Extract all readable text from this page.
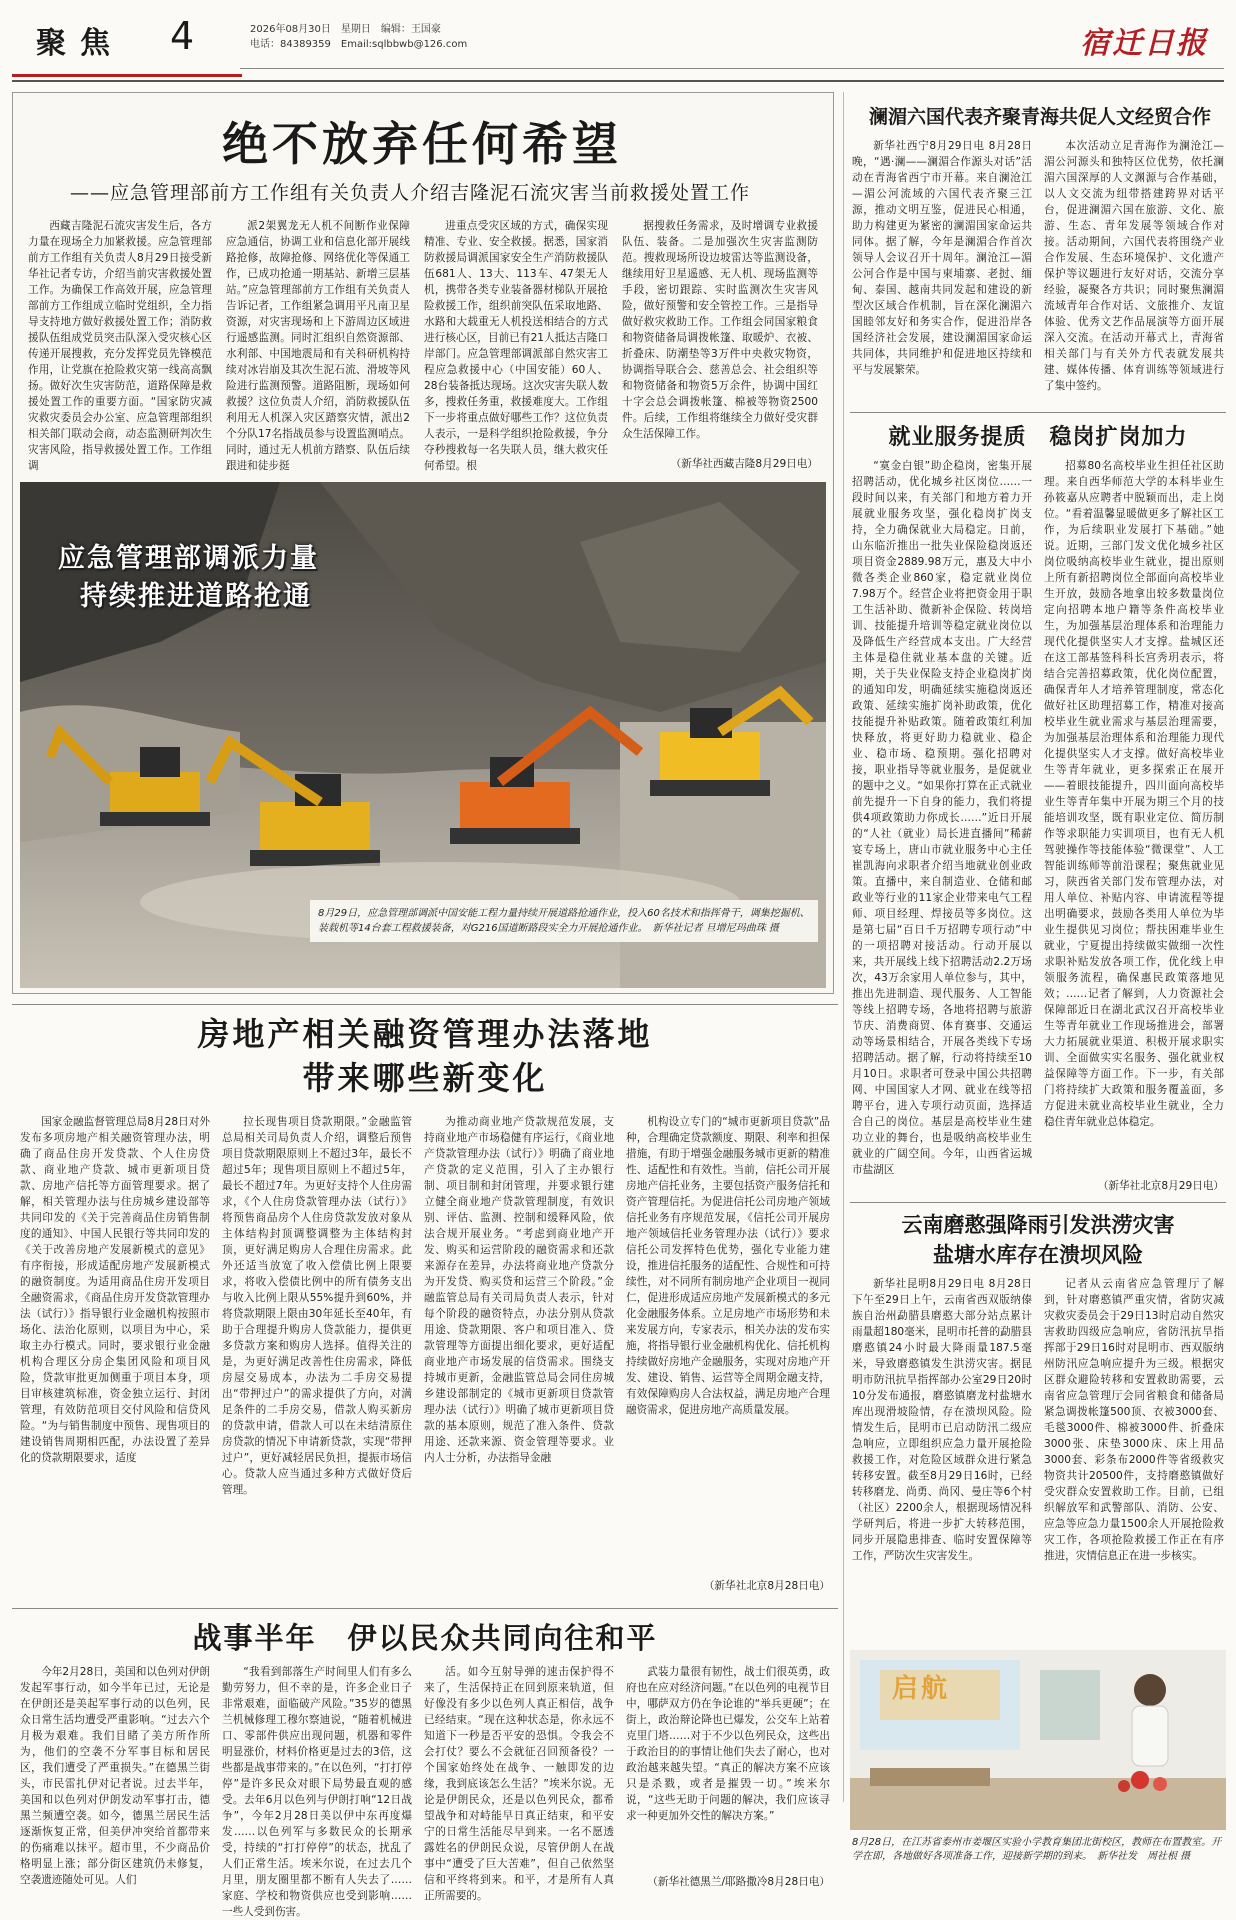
聚焦 4	2026年08月30日　星期日　编辑：王国豪
电话：84389359　Email:sqlbbwb@126.com	宿迁日报
绝不放弃任何希望
——应急管理部前方工作组有关负责人介绍吉隆泥石流灾害当前救援处置工作

西藏吉隆泥石流灾害发生后，各方力量在现场全力加紧救援。应急管理部前方工作组有关负责人8月29日接受新华社记者专访，介绍当前灾害救援处置工作。为确保工作高效开展，应急管理部前方工作组成立临时党组织，全力指导支持地方做好救援处置工作；消防救援队伍组成党员突击队深入受灾核心区传递开展搜救，充分发挥党员先锋模范作用，让党旗在抢险救灾第一线高高飘扬。做好次生灾害防范，道路保障是救援处置工作的重要方面。“国家防灾减灾救灾委员会办公室、应急管理部组织相关部门联动会商，动态监测研判次生灾害风险，指导救援处置工作。工作组调

派2架翼龙无人机不间断作业保障应急通信，协调工业和信息化部开展线路抢修，故障抢修、网络优化等保通工作，已成功抢通一期基站、新增三层基站。”应急管理部前方工作组有关负责人告诉记者，工作组紧急调用平凡南卫星资源，对灾害现场和上下游周边区域进行遥感监测。同时汇组织自然资源部、水利部、中国地震局和有关科研机构持续对冰岩崩及其次生泥石流、滑坡等风险进行监测预警。道路阻断，现场如何救援？这位负责人介绍，消防救援队伍利用无人机深入灾区踏察灾情，派出2个分队17名指战员参与设置监测哨点。同时，通过无人机前方踏察、队伍后续跟进和徒步挺

进重点受灾区域的方式，确保实现精准、专业、安全救援。据悉，国家消防救援局调派国家安全生产消防救援队伍681人、13大、113车、47架无人机，携带各类专业装备器材梯队开展抢险救援工作，组织前突队伍采取地路、水路和大载重无人机投送相结合的方式进行核心区，目前已有21人抵达吉隆口岸部门。应急管理部调派部自然灾害工程应急救援中心（中国安能）60人、28台装备抵达现场。这次灾害失联人数多，搜救任务重，救援难度大。工作组下一步将重点做好哪些工作？这位负责人表示，一是科学组织抢险救援，争分夺秒搜救每一名失联人员，继大救灾任何希望。根

据搜救任务需求，及时增调专业救援队伍、装备。二是加强次生灾害监测防范。搜救现场所设边坡雷达等监测设备，继续用好卫星遥感、无人机、现场监测等手段，密切跟踪、实时监测次生灾害风险，做好预警和安全管控工作。三是指导做好救灾救助工作。工作组会同国家粮食和物资储备局调拨帐篷、取暖炉、衣被、折叠床、防潮垫等3万件中央救灾物资，协调指导联合会、慈善总会、社会组织等和物资储备和物资5万余件，协调中国红十字会总会调拨帐篷、棉被等物资2500件。后续，工作组将继续全力做好受灾群众生活保障工作。

（新华社西藏吉隆8月29日电）
应急管理部调派力量
持续推进道路抢通
8月29日，应急管理部调派中国安能工程力量持续开展道路抢通作业，投入60名技术和指挥骨干，调集挖掘机、装载机等14台套工程救援装备，对G216国道断路段实全力开展抢通作业。　新华社记者 旦增尼玛曲珠 摄
澜湄六国代表齐聚青海共促人文经贸合作

新华社西宁8月29日电 8月28日晚，“遇·澜——澜湄合作源头对话”活动在青海省西宁市开幕。来自澜沧江—湄公河流域的六国代表齐聚三江源，推动文明互鉴，促进民心相通，助力构建更为紧密的澜湄国家命运共同体。据了解，今年是澜湄合作首次领导人会议召开十周年。澜沧江—湄公河合作是中国与柬埔寨、老挝、缅甸、泰国、越南共同发起和建设的新型次区域合作机制，旨在深化澜湄六国睦邻友好和务实合作，促进沿岸各国经济社会发展，建设澜湄国家命运共同体，共同维护和促进地区持续和平与发展繁荣。

本次活动立足青海作为澜沧江—湄公河源头和独特区位优势，依托澜湄六国深厚的人文渊源与合作基础，以人文交流为纽带搭建跨界对话平台，促进澜湄六国在旅游、文化、旅游、生态、青年发展等领域合作对接。活动期间，六国代表将围绕产业合作发展、生态环境保护、文化遗产保护等议题进行友好对话，交流分享经验，凝聚各方共识；同时聚焦澜湄流域青年合作对话、文旅推介、友谊体验、优秀文艺作品展演等方面开展深入交流。在活动开幕式上，青海省相关部门与有关外方代表就发展共建、媒体传播、体育训练等领域进行了集中签约。

就业服务提质　稳岗扩岗加力

“寞金白银”助企稳岗，密集开展招聘活动，优化城乡社区岗位……一段时间以来，有关部门和地方着力开展就业服务攻坚，强化稳岗扩岗支持，全力确保就业大局稳定。日前，山东临沂推出一批失业保险稳岗返还项目资金2889.98万元，惠及大中小微各类企业860家，稳定就业岗位7.98万个。经营企业将把资金用于职工生活补助、微新补企保险、转岗培训、技能提升培训等稳定就业岗位以及降低生产经营成本支出。广大经营主体是稳住就业基本盘的关键。近期，关于失业保险支持企业稳岗扩岗的通知印发，明确延续实施稳岗返还政策、延续实施扩岗补助政策，优化技能提升补贴政策。随着政策红利加快释放，将更好助力稳就业、稳企业、稳市场、稳预期。强化招聘对接，职业指导等就业服务，是促就业的题中之义。“如果你打算在正式就业前先提升一下自身的能力，我们将提供4项政策助力你成长……”近日开展的“人社（就业）局长进直播间”稀薪宴专场上，唐山市就业服务中心主任崔凯海向求职者介绍当地就业创业政策。直播中，来自制造业、仓储和邮政业等行业的11家企业带来电气工程师、项目经理、焊接员等多岗位。这是第七届“百日千万招聘专项行动”中的一项招聘对接活动。行动开展以来，共开展线上线下招聘活动2.2万场次，43万余家用人单位参与，其中，推出先进制造、现代服务、人工智能等线上招聘专场，各地将招聘与旅游节庆、消费商贸、体育赛事、交通运动等场景相结合，开展各类线下专场招聘活动。据了解，行动将持续至10月10日。求职者可登录中国公共招聘网、中国国家人才网、就业在线等招聘平台，进入专项行动页面，选择适合自己的岗位。基层是高校毕业生建功立业的舞台，也是吸纳高校毕业生就业的广阔空间。今年，山西省运城市盐湖区

招募80名高校毕业生担任社区助理。来自西华师范大学的本科毕业生孙筱嘉从应聘者中脱颖而出，走上岗位。“看着温馨显暖做更多了解社区工作，为后续职业发展打下基础。”她说。近期，三部门发文优化城乡社区岗位吸纳高校毕业生就业，提出原则上所有新招聘岗位全部面向高校毕业生开放，鼓励各地拿出较多数量岗位定向招聘本地户籍等条件高校毕业生，为加强基层治理体系和治理能力现代化提供坚实人才支撑。盐城区还在这工部基签科科长宫秀玥表示，将结合完善招募政策，优化岗位配置，确保青年人才培养管理制度，常态化做好社区助理招募工作，精准对接高校毕业生就业需求与基层治理需要，为加强基层治理体系和治理能力现代化提供坚实人才支撑。做好高校毕业生等青年就业，更多探索正在展开——着眼技能提升，四川面向高校毕业生等青年集中开展为期三个月的技能培训攻坚，既有职业定位、简历制作等求职能力实训项目，也有无人机驾驶操作等技能体验“微课堂”、人工智能训练师等前沿课程；聚焦就业见习，陕西省关部门发布管理办法，对用人单位、补贴内容、申请流程等提出明确要求，鼓励各类用人单位为毕业生提供见习岗位；帮扶困难毕业生就业，宁夏提出持续做实做细一次性求职补贴发放各项工作，优化线上申领服务流程，确保惠民政策落地见效；……记者了解到，人力资源社会保障部近日在湖北武汉召开高校毕业生等青年就业工作现场推进会，部署大力拓展就业渠道、积极开展求职实训、全面做实实名服务、强化就业权益保障等方面工作。下一步，有关部门将持续扩大政策和服务覆盖面，多方促进未就业高校毕业生就业，全力稳住青年就业总体稳定。

（新华社北京8月29日电）
云南磨憨强降雨引发洪涝灾害
盐塘水库存在溃坝风险

新华社昆明8月29日电 8月28日下午至29日上午，云南省西双版纳傣族自治州勐腊县磨憨大部分站点累计雨量超180毫米，昆明市托普的勐腊县磨憨镇24小时最大降雨量187.5毫米，导致磨憨镇发生洪涝灾害。据昆明市防汛抗旱指挥部办公室29日20时10分发布通报，磨憨镇磨龙村盐塘水库出现滑坡险情，存在溃坝风险。险情发生后，昆明市已启动防汛二级应急响应，立即组织应急力量开展抢险救援工作，对危险区域群众进行紧急转移安置。截至8月29日16时，已经转移磨龙、尚勇、尚冈、曼庄等6个村（社区）2200余人，根据现场情况科学研判后，将进一步扩大转移范围，同步开展隐患排查、临时安置保障等工作，严防次生灾害发生。

记者从云南省应急管理厅了解到，针对磨憨镇严重灾情，省防灾减灾救灾委员会于29日13时启动自然灾害救助四级应急响应，省防汛抗旱指挥部于29日16时对昆明市、西双版纳州防汛应急响应提升为三级。根据灾区群众避险转移和安置救助需要，云南省应急管理厅会同省粮食和储备局紧急调拨帐篷500顶、衣被3000套、毛毯3000件、棉被3000件、折叠床3000张、床垫3000床、床上用品3000套、彩条布2000件等省级救灾物资共计20500件，支持磨憨镇做好受灾群众安置救助工作。目前，已组织解放军和武警部队、消防、公安、应急等应急力量1500余人开展抢险救灾工作，各项抢险救援工作正在有序推进，灾情信息正在进一步核实。

启航
8月28日，在江苏省泰州市姜堰区实验小学教育集团北街校区，教师在布置教室。开学在即，各地做好各项准备工作，迎接新学期的到来。　新华社发　周社根 摄
房地产相关融资管理办法落地
带来哪些新变化

国家金融监督管理总局8月28日对外发布多项房地产相关融资管理办法，明确了商品住房开发贷款、个人住房贷款、商业地产贷款、城市更新项目贷款、房地产信托等方面管理要求。据了解，相关管理办法与住房城乡建设部等共同印发的《关于完善商品住房销售制度的通知》、中国人民银行等共同印发的《关于改善房地产发展新模式的意见》有序衔接，形成适配房地产发展新模式的融资制度。为适用商品住房开发项目全融资需求，《商品住房开发贷款管理办法（试行）》指导银行业金融机构按照市场化、法治化原则，以项目为中心，采取主办行模式。同时，要求银行业金融机构合理区分房企集团风险和项目风险，贷款审批更加侧重于项目本身，项目审核建筑标准，资金独立运行、封闭管理，有效防范项目交付风险和信贷风险。“为与销售制度中预售、现售项目的建设销售周期相匹配，办法设置了差异化的贷款期限要求，适度

拉长现售项目贷款期限。”金融监管总局相关司局负责人介绍，调整后预售项目贷款期限原则上不超过3年，最长不超过5年；现售项目原则上不超过5年，最长不超过7年。为更好支持个人住房需求，《个人住房贷款管理办法（试行）》将预售商品房个人住房贷款发放对象从主体结构封顶调整调整为主体结构封顶，更好满足购房人合理住房需求。此外还适当放宽了收入偿债比例上限要求，将收入偿债比例中的所有债务支出与收入比例上限从55%提升到60%，并将贷款期限上限由30年延长至40年，有助于合理提升购房人贷款能力，提供更多贷款方案和购房人选择。值得关注的是，为更好满足改善性住房需求，降低房屋交易成本，办法为二手房交易提出“带押过户”的需求提供了方向，对满足条件的二手房交易，借款人购买新房的贷款申请，借款人可以在未结清原住房贷款的情况下申请新贷款，实现“带押过户”，更好减轻居民负担，提振市场信心。贷款人应当通过多种方式做好贷后管理。

为推动商业地产贷款规范发展，支持商业地产市场稳健有序运行，《商业地产贷款管理办法（试行）》明确了商业地产贷款的定义范围，引入了主办银行制、项目制和封闭管理，并要求银行建立健全商业地产贷款管理制度，有效识别、评估、监测、控制和缓释风险，依法合规开展业务。“考虑到商业地产开发、购买和运营阶段的融资需求和还款来源存在差异，办法将商业地产贷款分为开发贷、购买贷和运营三个阶段。”金融监管总局有关司局负责人表示，针对每个阶段的融资特点，办法分别从贷款用途、贷款期限、客户和项目准入、贷款管理等方面提出细化要求，更好适配商业地产市场发展的信贷需求。围绕支持城市更新，金融监管总局会同住房城乡建设部制定的《城市更新项目贷款管理办法（试行）》明确了城市更新项目贷款的基本原则，规范了准入条件、贷款用途、还款来源、资金管理等要求。业内人士分析，办法指导金融

机构设立专门的“城市更新项目贷款”品种，合理确定贷款额度、期限、利率和担保措施，有助于增强金融服务城市更新的精准性、适配性和有效性。当前，信托公司开展房地产信托业务，主要包括资产服务信托和资产管理信托。为促进信托公司房地产领域信托业务有序规范发展，《信托公司开展房地产领域信托业务管理办法（试行）》要求信托公司发挥特色优势，强化专业能力建设，推进信托服务的适配性、合规性和可持续性，对不同所有制房地产企业项目一视同仁，促进形成适应房地产发展新模式的多元化金融服务体系。立足房地产市场形势和未来发展方向，专家表示，相关办法的发布实施，将指导银行业金融机构优化、信托机构持续做好房地产金融服务，实现对房地产开发、建设、销售、运营等全周期金融支持，有效保障购房人合法权益，满足房地产合理融资需求，促进房地产高质量发展。

（新华社北京8月28日电）
战事半年　伊以民众共同向往和平

今年2月28日，美国和以色列对伊朗发起军事行动，如今半年已过，无论是在伊朗还是美起军事行动的以色列，民众日常生活均遭受严重影响。“过去六个月极为艰难。我们目睹了美方所作所为，他们的空袭不分军事目标和居民区，我们遭受了严重损失。”在德黑兰街头，市民雷扎伊对记者说。过去半年，美国和以色列对伊朗发动军事打击，德黑兰频遭空袭。如今，德黑兰居民生活逐渐恢复正常，但美伊冲突给首都带来的伤痛难以抹平。超市里，不少商品价格明显上涨；部分街区建筑仍未修复，空袭遗迹随处可见。人们

“我看到部落生产时间里人们有多么勤劳努力，但不幸的是，许多企业日子非常艰难，面临破产风险。”35岁的德黑兰机械修理工穆尔察迪说，“随着机械进口、零部件供应出现问题，机器和零件明显涨价，材料价格更是过去的3倍，这些都是战事带来的。”在以色列，“打打停停”是许多民众对眼下局势最直观的感受。去年6月以色列与伊朗打响“12日战争”，今年2月28日美以伊中东再度爆发……以色列军与多数民众的长期承受，持续的“打打停停”的状态，扰乱了人们正常生活。埃米尔说，在过去几个月里，朋友圈里都不断有人失去了……家庭、学校和物资供应也受到影响……一些人受到伤害。

活。如今互射导弹的速击保护得不来了，生活保持正在回到原来轨道，但好像没有多少以色列人真正相信，战争已经结束。“现在这种状态是，你永远不知道下一秒是否平安的恐惧。令我会不会打仗？要么不会就征召回预备役？一个国家始终处在战争、一触即发的边缘，我到底该怎么生活？”埃米尔说。无论是伊朗民众，还是以色列民众，都希望战争和对峙能早日真正结束，和平安宁的日常生活能尽早到来。一名不愿透露姓名的伊朗民众说，尽管伊朗人在战事中“遭受了巨大苦难”，但自己依然坚信和平终将到来。和平，才是所有人真正所需要的。

武装力量很有韧性，战士们很英勇，政府也在应对经济问题。”在以色列的电视节目中，哪萨双方仍在争论谁的“举兵更硬”；在街上，政治辩论降也已爆发，公交车上站着克里门塔……对于不少以色列民众，这些出于政治目的的事情让他们失去了耐心，也对政治越来越失望。“真正的解决方案不应该只是杀戮，或者是摧毁一切。”埃米尔说，“这些无助于问题的解决，我们应该寻求一种更加外交性的解决方案。”

（新华社德黑兰/耶路撒冷8月28日电）
